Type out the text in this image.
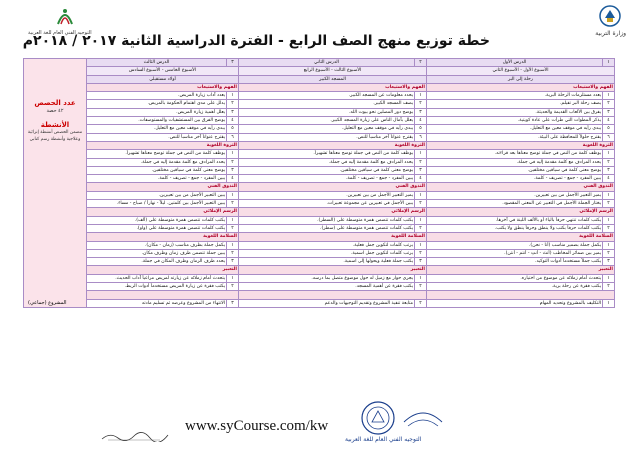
وزارة التربية
التوجيه الفني العام للغة العربية
خطة توزيع منهج الصف الرابع - الفترة الدراسية الثانية ٢٠١٧ / ٢٠١٨م
١	الدرس الأول	٢	الدرس الثاني	٣	الدرس الثالث	عدد الحصص
٤٢ حصة
الأنشطة
تتضمن الحصص أنشطة إثرائية وعلاجية وأنشطة رسم كتابي

الأسبوع الأول - الأسبوع الثاني		الأسبوع الثالث - الأسبوع الرابع		الأسبوع الخامس - الأسبوع السادس		
رحلة إلى البر		المسجد الكبير		أولاد مستقبلي		
الفهم والاستيعاب		الفهم والاستيعاب		الفهم والاستيعاب		
١	يعدد مستلزمات الرحلة البرية.	١	يحدد معلومات عن المسجد الكبير.	١	يعدد آداب زيارة المريض.	
٢	يصف رحلة البر تفيلم.	٢	يصف المسجد الكبير.	٢	يدلل على مدى اهتمام الحكومة بالمريض.	
٣	يفرق بين الألعاب القديمة والحديثة.	٣	يوضح دور المصلين نحو بيوت الله.	٣	يعلل أهمية زيارة المريض.	
٤	يذكر المطوات التي طرأت على عادة كويتية.	٤	يعلل بآمال الناس على زيارة المسجد الكبير.	٤	يوضح الفرق بين المستشفيات والمستوصفات.	
٥	يبدي رأيه في موقف معين مع التعليل.	٥	يبدي رأيه في موقف معين مع التعليل.	٥	يبدي رأيه في موقف معين مع التعليل.	
٦	يقترح حلولاً للمحافظة على البيئة.	٦	يقترح عنواناً آخر مناسباً للنص.	٦	يقترح عنواناً آخر مناسباً للنص.	
الثروة اللغوية		الثروة اللغوية		الثروة اللغوية		
١	يوظف كلمة من النص في جملة توضح معناها بعد قراءته.	١	يوظف كلمة من النص في جملة توضح معناها تشهيراً.	١	يوظف كلمة من النص في جملة توضح معناها تشهيراً.	
٢	يحدد المرادف مع كلمة مقدمة إليه في جملة.	٢	يحدد المرادف مع كلمة مقدمة إليه في جملة.	٢	يحدد المرادف مع كلمة مقدمة إليه في جملة.	
٣	يوضح معنى كلمة في سياقين مختلفين.	٣	يوضح معنى كلمة في سياقين مختلفين.	٣	يوضح معنى كلمة في سياقين مختلفين.	
٤	يبين المفرد - جمع - تصريف - كلمة.	٤	يبين المفرد - جمع - تصريف - كلمة.	٤	يبين المفرد - جمع - تصريف - كلمة.	
التذوق الفني		التذوق الفني		التذوق الفني		
١	يميز التعبير الأجمل من بين تعبيرين.	١	يميز التعبير الأجمل من بين تعبيرين.	١	يبين التعبير الأجمل من بين تعبيرين.	
٢	يختار الجملة الأجمل في التعبير عن المعنى المقصود.	٢	يبين الأجمل في تعبيرين عن مجموعة تعبيرات.	٢	يبين التعبير الأجمل بين كلمتين. ليلاً - نهاراً / صباح - مساء.	
الرسم الإملائي		الرسم الإملائي		الرسم الإملائي		
١	يكتب كلمات تنتهي حرفاً بالياء أو بالألف اللينة في آخرها.	١	يكتب كلمات تتضمن همزة متوسطة على (السطر).	١	يكتب كلمات تتضمن همزة متوسطة على (ألف).	
٢	يكتب كلمات حرفاً بكتب ولا ينطق وحرفاً ينطق ولا يكتب.	٢	يكتب كلمات تتضمن همزة متوسطة على (سطر).	٢	يكتب كلمات تتضمن همزة متوسطة على (واو).	
السلامة اللغوية		السلامة اللغوية		السلامة اللغوية		
١	يكمل جملة بضمير مناسب (أنا - نحن).	١	يرتب كلمات لتكوين جمل فعلية.	١	يكمل جملة بظرف مناسب (زمان - مكان).	
٢	يميز بين ضمائر المخاطب (أنتَ - أنتِ - أنتم - أنتن).	٢	يرتب كلمات لتكوين جمل اسمية.	٢	يبين جملة تتضمن ظرف زمان وظرف مكان.	
٣	يكتب جملاً مستخدماً أدوات التوكيد.	٣	يكتب جملة فعلية ويحولها إلى اسمية.	٣	يحدد ظرف الزمان وظرف المكان في جملة.	
التعبير		التعبير		التعبير		
١	يتحدث أمام زملائه عن موضوع من اختياره.	١	يجري حوار مع زميل له حول موضوع متصل بما درسه.	١	يتحدث أمام زملائه عن زيارته لمريض مراعياً آداب الحديث.	
٢	يكتب فقرة عن رحلة برية.	٢	يكتب فقرة عن أهمية المسجد.	٢	يكتب فقرة عن زيارة المريض مستخدماً أدوات الربط.	

١	التكليف بالمشروع وتحديد المهام	٢	متابعة تنفيذ المشروع وتقديم التوجيهات والدعم	٣	الانتهاء من المشروع وعرضه ثم تسليم مادته	
www.syCourse.com/kw
التوجيه الفني العام للغة العربية
المشروع (جماعي)
